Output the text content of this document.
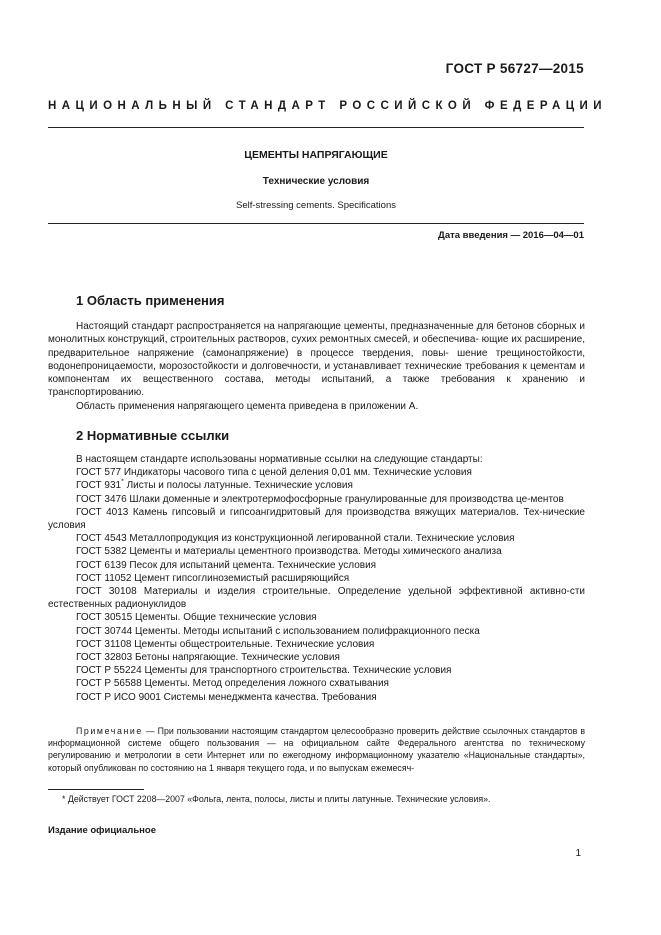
ГОСТ Р 56727—2015
НАЦИОНАЛЬНЫЙ СТАНДАРТ РОССИЙСКОЙ ФЕДЕРАЦИИ
ЦЕМЕНТЫ НАПРЯГАЮЩИЕ
Технические условия
Self-stressing cements. Specifications
Дата введения — 2016—04—01
1 Область применения

Настоящий стандарт распространяется на напрягающие цементы, предназначенные для бетонов сборных и монолитных конструкций, строительных растворов, сухих ремонтных смесей, и обеспечива- ющие их расширение, предварительное напряжение (самонапряжение) в процессе твердения, повы- шение трещиностойкости, водонепроницаемости, морозостойкости и долговечности, и устанавливает технические требования к цементам и компонентам их вещественного состава, методы испытаний, а также требования к хранению и транспортированию.

Область применения напрягающего цемента приведена в приложении А.

2 Нормативные ссылки
В настоящем стандарте использованы нормативные ссылки на следующие стандарты:
ГОСТ 577 Индикаторы часового типа с ценой деления 0,01 мм. Технические условия
ГОСТ 931* Листы и полосы латунные. Технические условия
ГОСТ 3476 Шлаки доменные и электротермофосфорные гранулированные для производства це-ментов
ГОСТ 4013 Камень гипсовый и гипсоангидритовый для производства вяжущих материалов. Тех-нические условия
ГОСТ 4543 Металлопродукция из конструкционной легированной стали. Технические условия
ГОСТ 5382 Цементы и материалы цементного производства. Методы химического анализа
ГОСТ 6139 Песок для испытаний цемента. Технические условия
ГОСТ 11052 Цемент гипсоглиноземистый расширяющийся
ГОСТ 30108 Материалы и изделия строительные. Определение удельной эффективной активно-сти естественных радионуклидов
ГОСТ 30515 Цементы. Общие технические условия
ГОСТ 30744 Цементы. Методы испытаний с использованием полифракционного песка
ГОСТ 31108 Цементы общестроительные. Технические условия
ГОСТ 32803 Бетоны напрягающие. Технические условия
ГОСТ Р 55224 Цементы для транспортного строительства. Технические условия
ГОСТ Р 56588 Цементы. Метод определения ложного схватывания
ГОСТ Р ИСО 9001 Системы менеджмента качества. Требования
Примечание — При пользовании настоящим стандартом целесообразно проверить действие ссылочных стандартов в информационной системе общего пользования — на официальном сайте Федерального агентства по техническому регулированию и метрологии в сети Интернет или по ежегодному информационному указателю «Национальные стандарты», который опубликован по состоянию на 1 января текущего года, и по выпускам ежемесяч-
* Действует ГОСТ 2208—2007 «Фольга, лента, полосы, листы и плиты латунные. Технические условия».
Издание официальное
1
